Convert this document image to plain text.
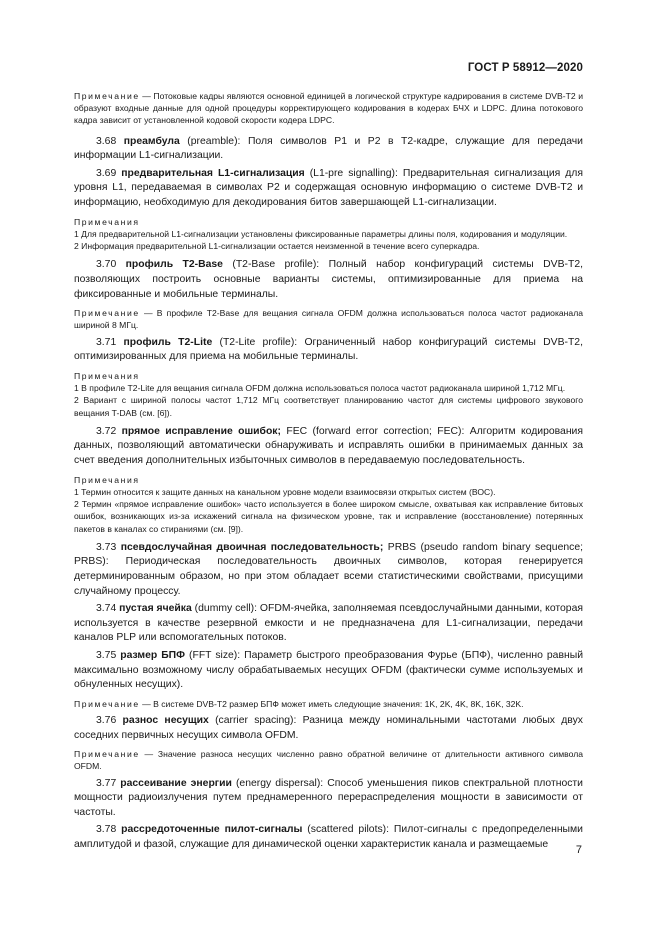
ГОСТ Р 58912—2020

Примечание — Потоковые кадры являются основной единицей в логической структуре кадрирования в системе DVB-T2 и образуют входные данные для одной процедуры корректирующего кодирования в кодерах БЧХ и LDPC. Длина потокового кадра зависит от установленной кодовой скорости кодера LDPC.

3.68 преамбула (preamble): Поля символов P1 и P2 в T2-кадре, служащие для передачи информации L1-сигнализации.

3.69 предварительная L1-сигнализация (L1-pre signalling): Предварительная сигнализация для уровня L1, передаваемая в символах P2 и содержащая основную информацию о системе DVB-T2 и информацию, необходимую для декодирования битов завершающей L1-сигнализации.

Примечания

1 Для предварительной L1-сигнализации установлены фиксированные параметры длины поля, кодирования и модуляции.

2 Информация предварительной L1-сигнализации остается неизменной в течение всего суперкадра.

3.70 профиль T2-Base (T2-Base profile): Полный набор конфигураций системы DVB-T2, позволяющих построить основные варианты системы, оптимизированные для приема на фиксированные и мобильные терминалы.

Примечание — В профиле T2-Base для вещания сигнала OFDM должна использоваться полоса частот радиоканала шириной 8 МГц.

3.71 профиль T2-Lite (T2-Lite profile): Ограниченный набор конфигураций системы DVB-T2, оптимизированных для приема на мобильные терминалы.

Примечания

1 В профиле T2-Lite для вещания сигнала OFDM должна использоваться полоса частот радиоканала шириной 1,712 МГц.

2 Вариант с шириной полосы частот 1,712 МГц соответствует планированию частот для системы цифрового звукового вещания T-DAB (см. [6]).

3.72 прямое исправление ошибок; FEC (forward error correction; FEC): Алгоритм кодирования данных, позволяющий автоматически обнаруживать и исправлять ошибки в принимаемых данных за счет введения дополнительных избыточных символов в передаваемую последовательность.

Примечания

1 Термин относится к защите данных на канальном уровне модели взаимосвязи открытых систем (ВОС).

2 Термин «прямое исправление ошибок» часто используется в более широком смысле, охватывая как исправление битовых ошибок, возникающих из-за искажений сигнала на физическом уровне, так и исправление (восстановление) потерянных пакетов в каналах со стираниями (см. [9]).

3.73 псевдослучайная двоичная последовательность; PRBS (pseudo random binary sequence; PRBS): Периодическая последовательность двоичных символов, которая генерируется детерминированным образом, но при этом обладает всеми статистическими свойствами, присущими случайному процессу.

3.74 пустая ячейка (dummy cell): OFDM-ячейка, заполняемая псевдослучайными данными, которая используется в качестве резервной емкости и не предназначена для L1-сигнализации, передачи каналов PLP или вспомогательных потоков.

3.75 размер БПФ (FFT size): Параметр быстрого преобразования Фурье (БПФ), численно равный максимально возможному числу обрабатываемых несущих OFDM (фактически сумме используемых и обнуленных несущих).

Примечание — В системе DVB-T2 размер БПФ может иметь следующие значения: 1K, 2K, 4K, 8K, 16K, 32K.

3.76 разнос несущих (carrier spacing): Разница между номинальными частотами любых двух соседних первичных несущих символа OFDM.

Примечание — Значение разноса несущих численно равно обратной величине от длительности активного символа OFDM.

3.77 рассеивание энергии (energy dispersal): Способ уменьшения пиков спектральной плотности мощности радиоизлучения путем преднамеренного перераспределения мощности в зависимости от частоты.

3.78 рассредоточенные пилот-сигналы (scattered pilots): Пилот-сигналы с предопределенными амплитудой и фазой, служащие для динамической оценки характеристик канала и размещаемые	7
